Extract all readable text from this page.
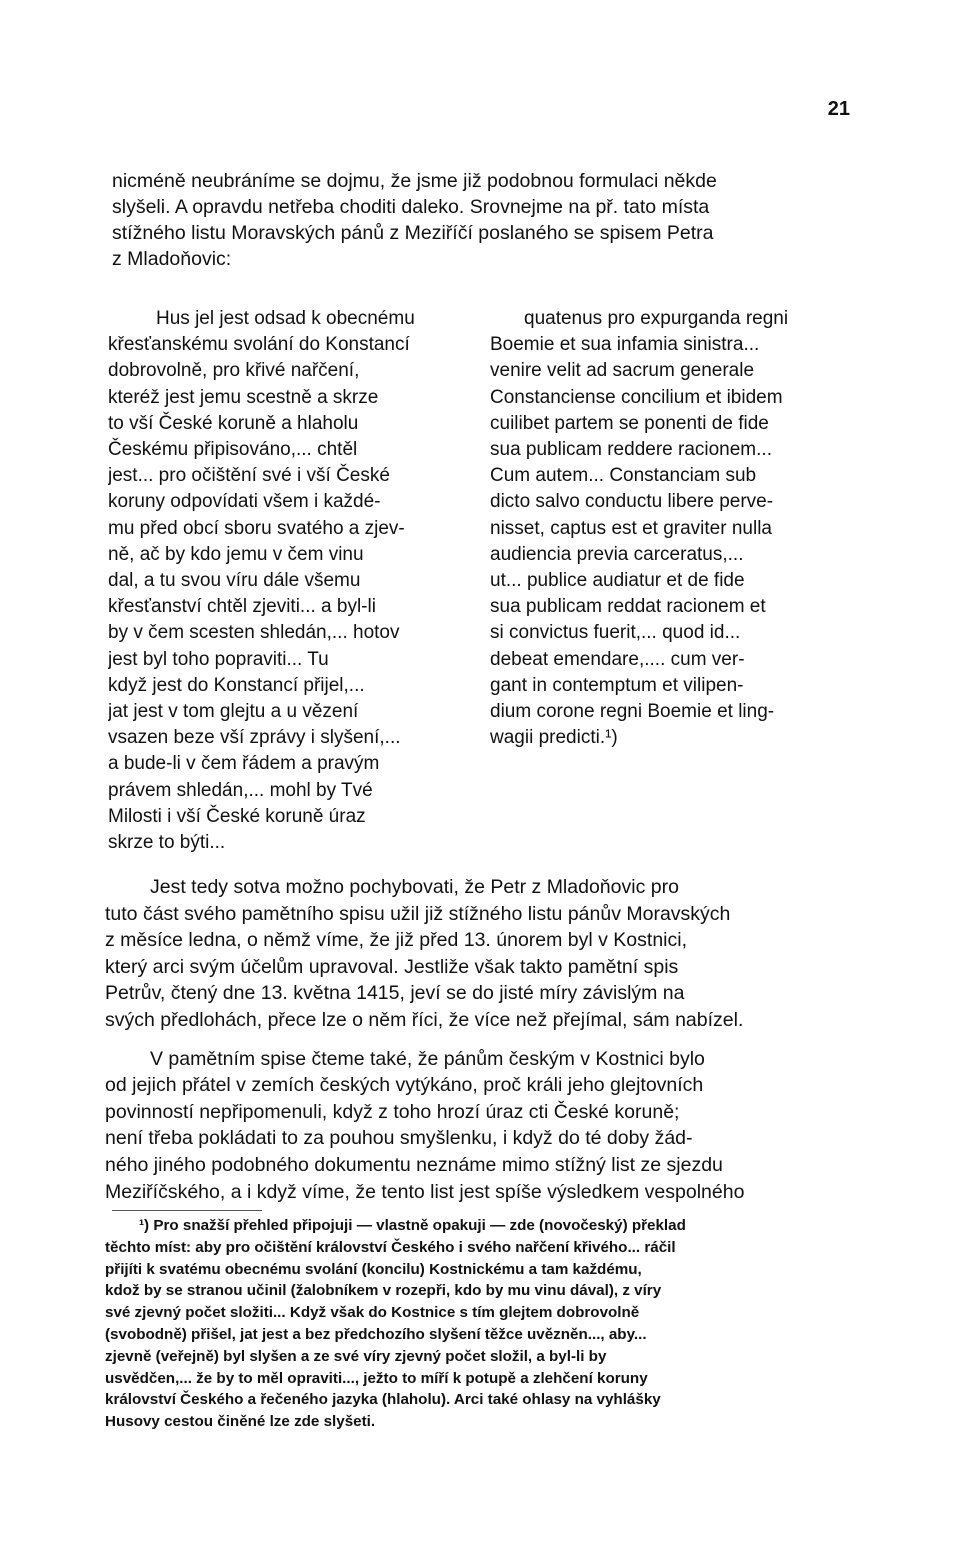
21
nicméně neubráníme se dojmu, že jsme již podobnou formulaci někde
slyšeli. A opravdu netřeba choditi daleko. Srovnejme na př. tato místa
stížného listu Moravských pánů z Meziříčí poslaného se spisem Petra
z Mladoňovic:
Hus jel jest odsad k obecnému
křesťanskému svolání do Konstancí
dobrovolně, pro křivé nařčení,
kteréž jest jemu scestně a skrze
to vší České koruně a hlaholu
Českému připisováno,... chtěl
jest... pro očištění své i vší České
koruny odpovídati všem i každé-
mu před obcí sboru svatého a zjev-
ně, ač by kdo jemu v čem vinu
dal, a tu svou víru dále všemu
křesťanství chtěl zjeviti... a byl-li
by v čem scesten shledán,... hotov
jest byl toho popraviti... Tu
když jest do Konstancí přijel,...
jat jest v tom glejtu a u vězení
vsazen beze vší zprávy i slyšení,...
a bude-li v čem řádem a pravým
právem shledán,... mohl by Tvé
Milosti i vší České koruně úraz
skrze to býti...
quatenus pro expurganda regni
Boemie et sua infamia sinistra...
venire velit ad sacrum generale
Constanciense concilium et ibidem
cuilibet partem se ponenti de fide
sua publicam reddere racionem...
Cum autem... Constanciam sub
dicto salvo conductu libere perve-
nisset, captus est et graviter nulla
audiencia previa carceratus,...
ut... publice audiatur et de fide
sua publicam reddat racionem et
si convictus fuerit,... quod id...
debeat emendare,.... cum ver-
gant in contemptum et vilipen-
dium corone regni Boemie et ling-
wagii predicti.¹)
Jest tedy sotva možno pochybovati, že Petr z Mladoňovic pro
tuto část svého pamětního spisu užil již stížného listu pánův Moravských
z měsíce ledna, o němž víme, že již před 13. únorem byl v Kostnici,
který arci svým účelům upravoval. Jestliže však takto pamětní spis
Petrův, čtený dne 13. května 1415, jeví se do jisté míry závislým na
svých předlohách, přece lze o něm říci, že více než přejímal, sám nabízel.
V pamětním spise čteme také, že pánům českým v Kostnici bylo
od jejich přátel v zemích českých vytýkáno, proč králi jeho glejtovních
povinností nepřipomenuli, když z toho hrozí úraz cti České koruně;
není třeba pokládati to za pouhou smyšlenku, i když do té doby žád-
ného jiného podobného dokumentu neznáme mimo stížný list ze sjezdu
Meziříčského, a i když víme, že tento list jest spíše výsledkem vespolného
¹) Pro snažší přehled připojuji — vlastně opakuji — zde (novočeský) překlad
těchto míst: aby pro očištění království Českého i svého nařčení křivého... ráčil
přijíti k svatému obecnému svolání (koncilu) Kostnickému a tam každému,
kdož by se stranou učinil (žalobníkem v rozepři, kdo by mu vinu dával), z víry
své zjevný počet složiti... Když však do Kostnice s tím glejtem dobrovolně
(svobodně) přišel, jat jest a bez předchozího slyšení těžce uvězněn..., aby...
zjevně (veřejně) byl slyšen a ze své víry zjevný počet složil, a byl-li by
usvědčen,... že by to měl opraviti..., ježto to míří k potupě a zlehčení koruny
království Českého a řečeného jazyka (hlaholu). Arci také ohlasy na vyhlášky
Husovy cestou činěné lze zde slyšeti.
